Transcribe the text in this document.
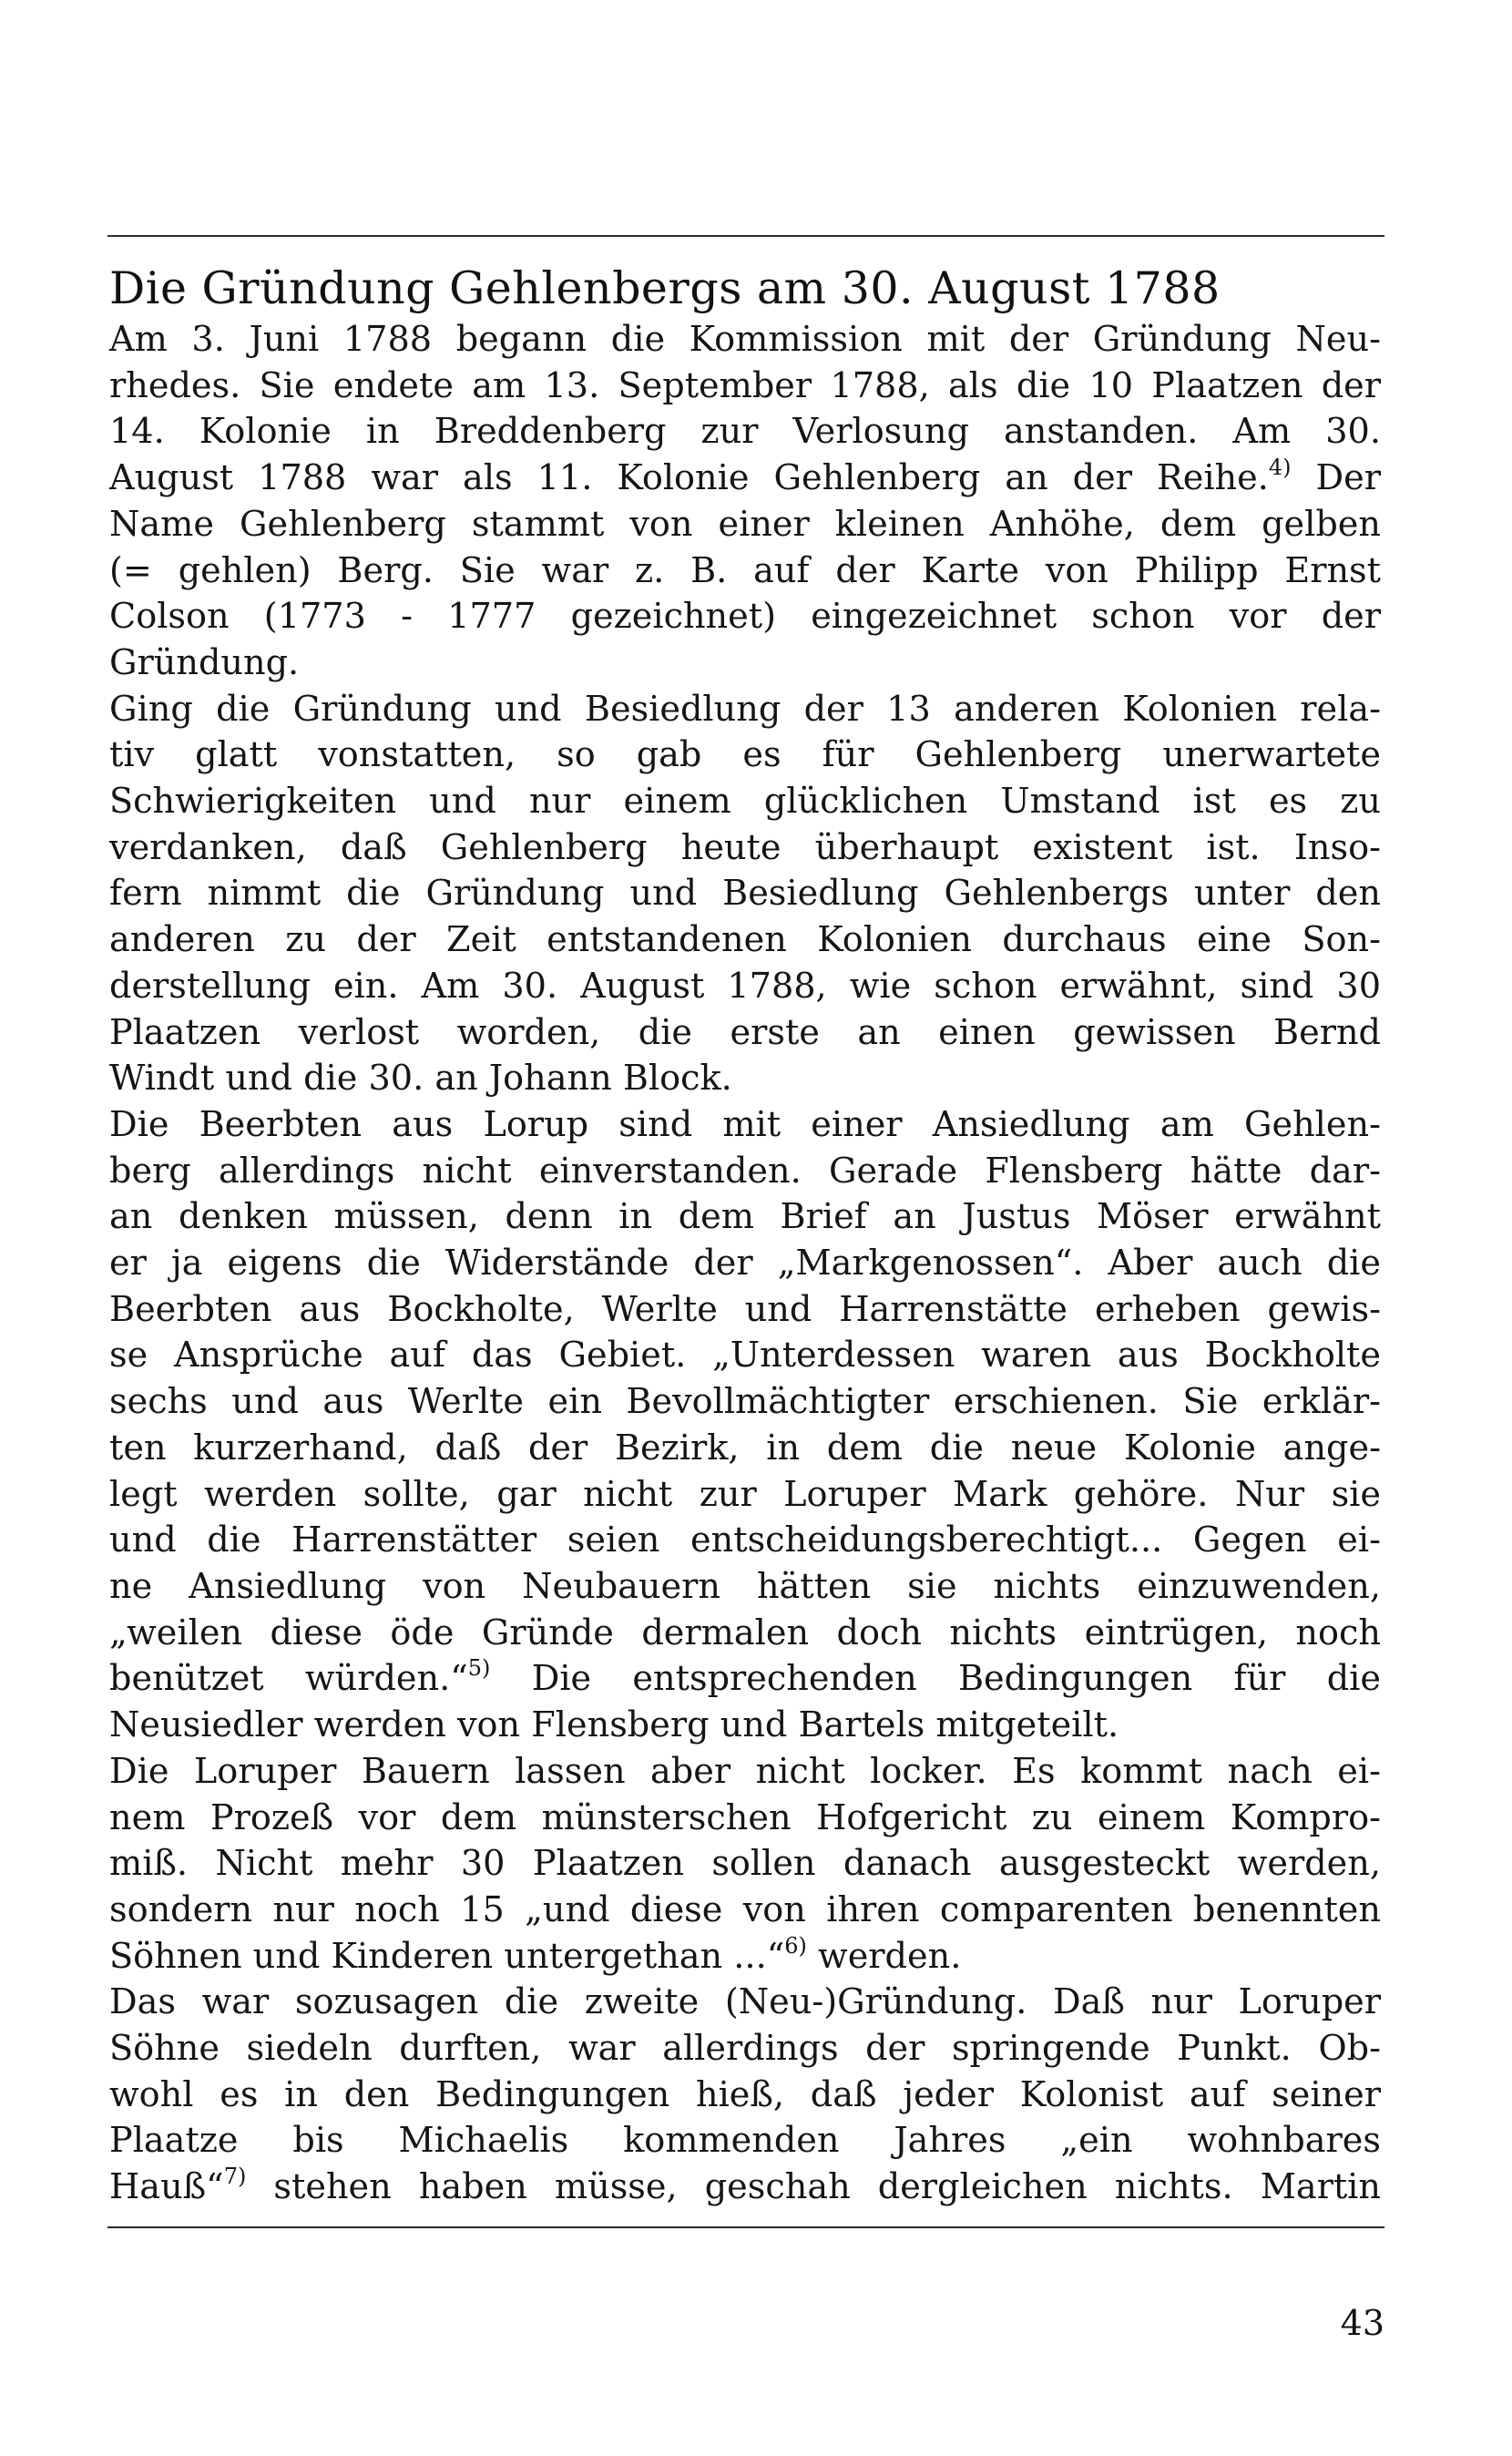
Die Gründung Gehlenbergs am 30. August 1788

Am 3. Juni 1788 begann die Kommission mit der Gründung Neu-
rhedes. Sie endete am 13. September 1788, als die 10 Plaatzen der
14. Kolonie in Breddenberg zur Verlosung anstanden. Am 30.
August 1788 war als 11. Kolonie Gehlenberg an der Reihe.$^{4)}$ Der
Name Gehlenberg stammt von einer kleinen Anhöhe, dem gelben
(= gehlen) Berg. Sie war z. B. auf der Karte von Philipp Ernst
Colson (1773 - 1777 gezeichnet) eingezeichnet schon vor der
Gründung.

Ging die Gründung und Besiedlung der 13 anderen Kolonien rela-
tiv glatt vonstatten, so gab es für Gehlenberg unerwartete
Schwierigkeiten und nur einem glücklichen Umstand ist es zu
verdanken, daß Gehlenberg heute überhaupt existent ist. Inso-
fern nimmt die Gründung und Besiedlung Gehlenbergs unter den
anderen zu der Zeit entstandenen Kolonien durchaus eine Son-
derstellung ein. Am 30. August 1788, wie schon erwähnt, sind 30
Plaatzen verlost worden, die erste an einen gewissen Bernd
Windt und die 30. an Johann Block.

Die Beerbten aus Lorup sind mit einer Ansiedlung am Gehlen-
berg allerdings nicht einverstanden. Gerade Flensberg hätte dar-
an denken müssen, denn in dem Brief an Justus Möser erwähnt
er ja eigens die Widerstände der „Markgenossen“. Aber auch die
Beerbten aus Bockholte, Werlte und Harrenstätte erheben gewis-
se Ansprüche auf das Gebiet. „Unterdessen waren aus Bockholte
sechs und aus Werlte ein Bevollmächtigter erschienen. Sie erklär-
ten kurzerhand, daß der Bezirk, in dem die neue Kolonie ange-
legt werden sollte, gar nicht zur Loruper Mark gehöre. Nur sie
und die Harrenstätter seien entscheidungsberechtigt... Gegen ei-
ne Ansiedlung von Neubauern hätten sie nichts einzuwenden,
„weilen diese öde Gründe dermalen doch nichts eintrügen, noch
benützet würden.“$^{5)}$ Die entsprechenden Bedingungen für die
Neusiedler werden von Flensberg und Bartels mitgeteilt.

Die Loruper Bauern lassen aber nicht locker. Es kommt nach ei-
nem Prozeß vor dem münsterschen Hofgericht zu einem Kompro-
miß. Nicht mehr 30 Plaatzen sollen danach ausgesteckt werden,
sondern nur noch 15 „und diese von ihren comparenten benennten
Söhnen und Kinderen untergethan ...“$^{6)}$ werden.

Das war sozusagen die zweite (Neu-)Gründung. Daß nur Loruper
Söhne siedeln durften, war allerdings der springende Punkt. Ob-
wohl es in den Bedingungen hieß, daß jeder Kolonist auf seiner
Plaatze bis Michaelis kommenden Jahres „ein wohnbares
Hauß“$^{7)}$ stehen haben müsse, geschah dergleichen nichts. Martin

43
